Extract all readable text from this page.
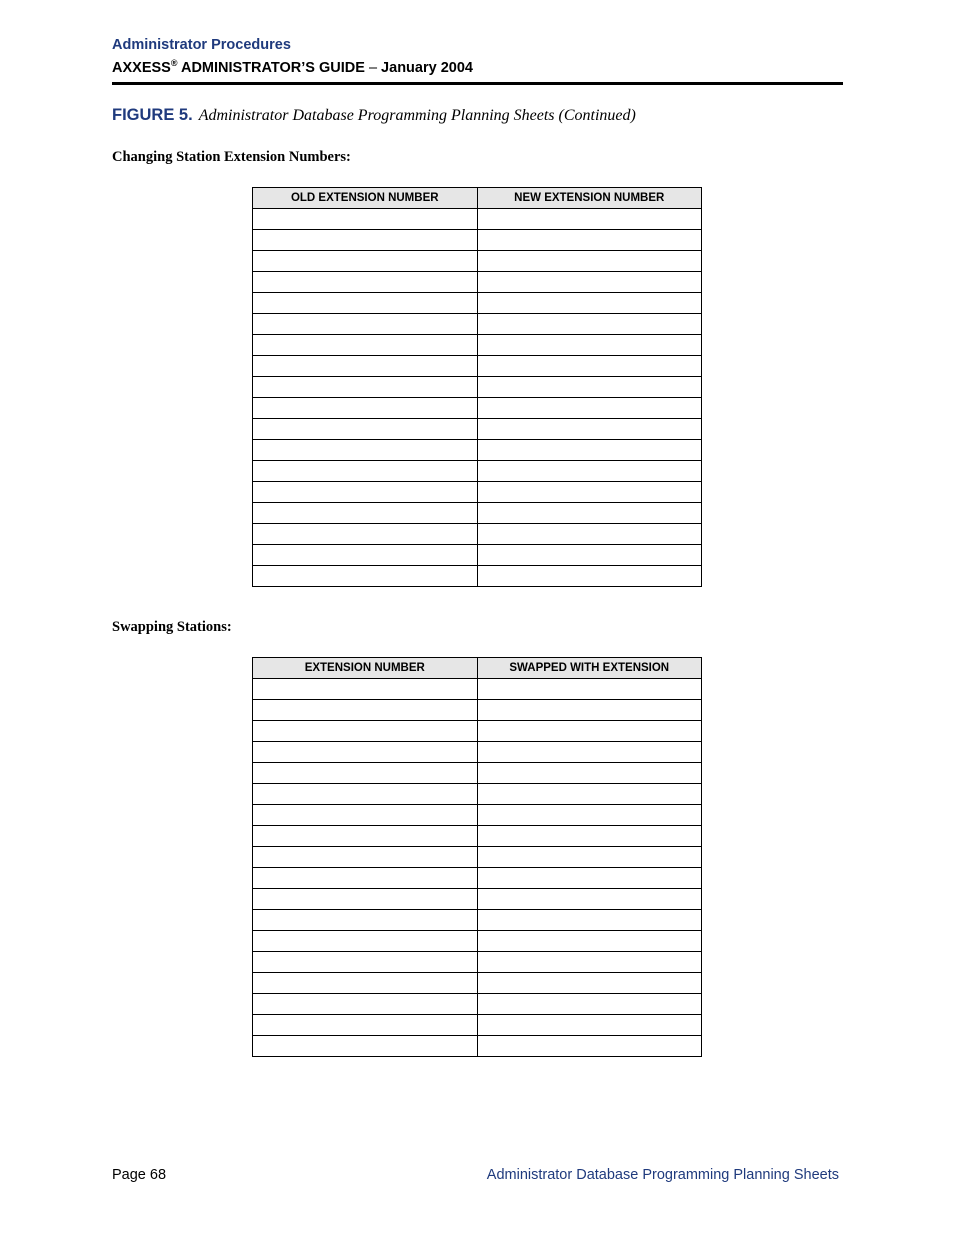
Administrator Procedures
AXXESS® ADMINISTRATOR’S GUIDE – January 2004
FIGURE 5. Administrator Database Programming Planning Sheets (Continued)
Changing Station Extension Numbers:
OLD EXTENSION NUMBER	NEW EXTENSION NUMBER

Swapping Stations:
EXTENSION NUMBER	SWAPPED WITH EXTENSION

Page 68	Administrator Database Programming Planning Sheets
